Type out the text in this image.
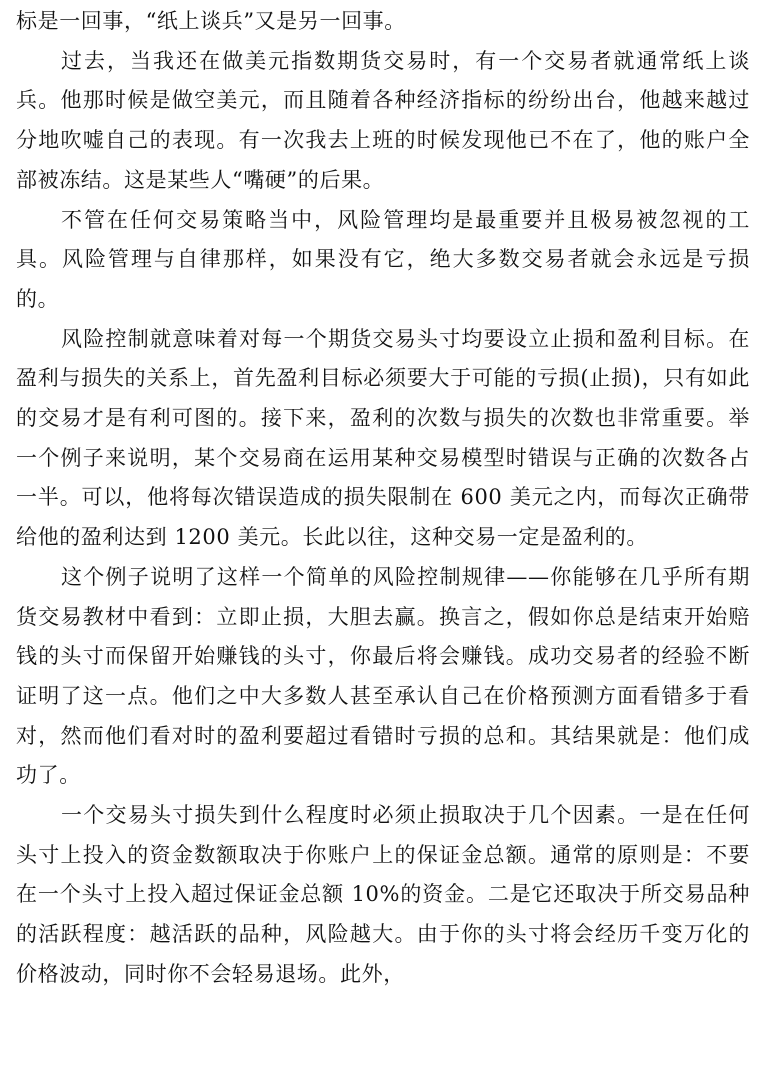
标是一回事，“纸上谈兵”又是另一回事。

过去，当我还在做美元指数期货交易时，有一个交易者就通常纸上谈兵。他那时候是做空美元，而且随着各种经济指标的纷纷出台，他越来越过分地吹嘘自己的表现。有一次我去上班的时候发现他已不在了，他的账户全部被冻结。这是某些人“嘴硬”的后果。

不管在任何交易策略当中，风险管理均是最重要并且极易被忽视的工具。风险管理与自律那样，如果没有它，绝大多数交易者就会永远是亏损的。

风险控制就意味着对每一个期货交易头寸均要设立止损和盈利目标。在盈利与损失的关系上，首先盈利目标必须要大于可能的亏损(止损)，只有如此的交易才是有利可图的。接下来，盈利的次数与损失的次数也非常重要。举一个例子来说明，某个交易商在运用某种交易模型时错误与正确的次数各占一半。可以，他将每次错误造成的损失限制在 600 美元之内，而每次正确带给他的盈利达到 1200 美元。长此以往，这种交易一定是盈利的。

这个例子说明了这样一个简单的风险控制规律——你能够在几乎所有期货交易教材中看到：立即止损，大胆去赢。换言之，假如你总是结束开始赔钱的头寸而保留开始赚钱的头寸，你最后将会赚钱。成功交易者的经验不断证明了这一点。他们之中大多数人甚至承认自己在价格预测方面看错多于看对，然而他们看对时的盈利要超过看错时亏损的总和。其结果就是：他们成功了。

一个交易头寸损失到什么程度时必须止损取决于几个因素。一是在任何头寸上投入的资金数额取决于你账户上的保证金总额。通常的原则是：不要在一个头寸上投入超过保证金总额 10%的资金。二是它还取决于所交易品种的活跃程度：越活跃的品种，风险越大。由于你的头寸将会经历千变万化的价格波动，同时你不会轻易退场。此外，
